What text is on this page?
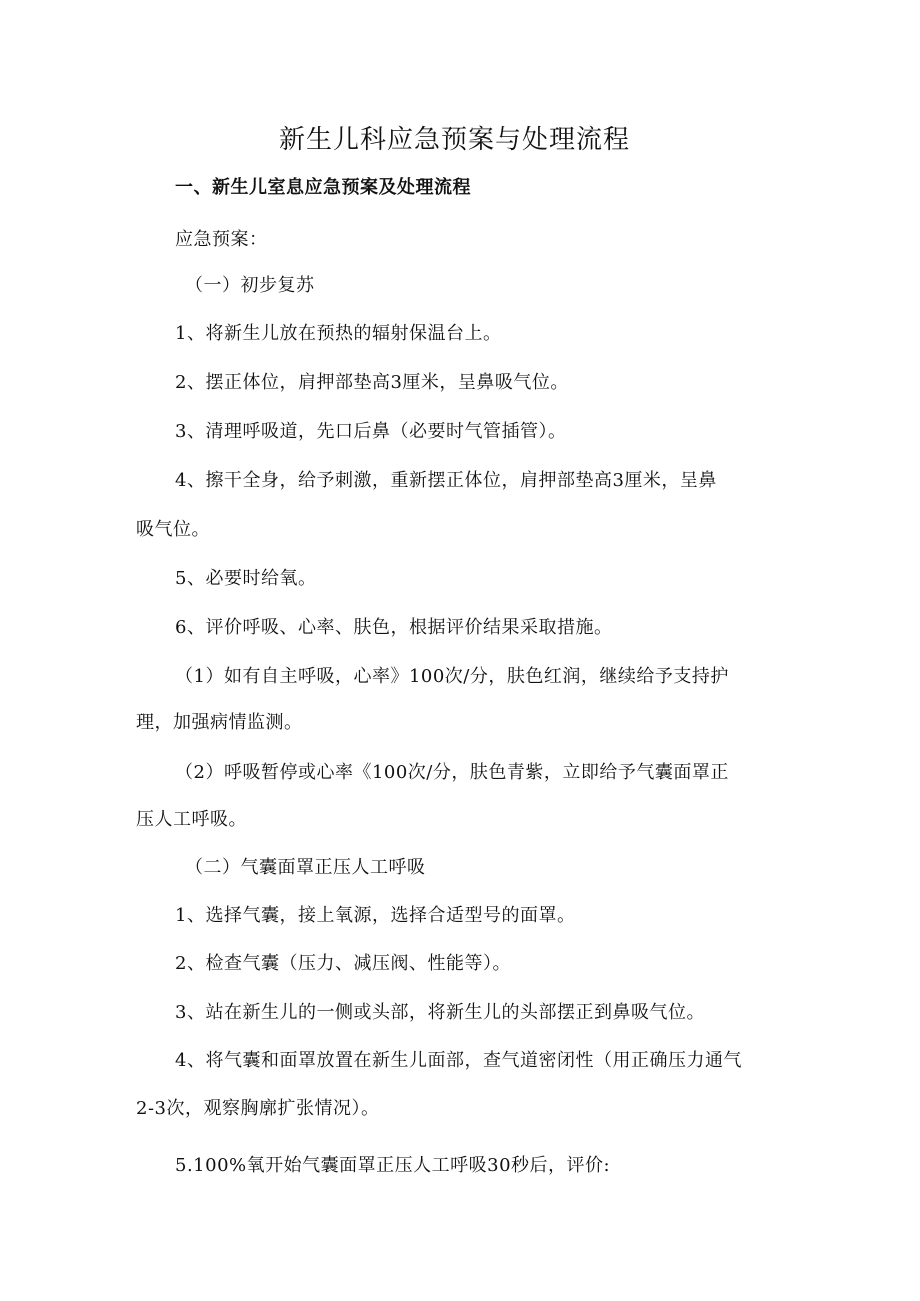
新生儿科应急预案与处理流程
一、新生儿室息应急预案及处理流程
应急预案：
（一）初步复苏
1、将新生儿放在预热的辐射保温台上。
2、摆正体位，肩押部垫高3厘米，呈鼻吸气位。
3、清理呼吸道，先口后鼻（必要时气管插管）。
4、擦干全身，给予刺激，重新摆正体位，肩押部垫高3厘米，呈鼻
吸气位。
5、必要时给氧。
6、评价呼吸、心率、肤色，根据评价结果采取措施。
（1）如有自主呼吸，心率》100次/分，肤色红润，继续给予支持护
理，加强病情监测。
（2）呼吸暂停或心率《100次/分，肤色青紫，立即给予气囊面罩正
压人工呼吸。
（二）气囊面罩正压人工呼吸
1、选择气囊，接上氧源，选择合适型号的面罩。
2、检查气囊（压力、减压阀、性能等）。
3、站在新生儿的一侧或头部，将新生儿的头部摆正到鼻吸气位。
4、将气囊和面罩放置在新生儿面部，查气道密闭性（用正确压力通气
2-3次，观察胸廓扩张情况）。
5.100%氧开始气囊面罩正压人工呼吸30秒后，评价:
